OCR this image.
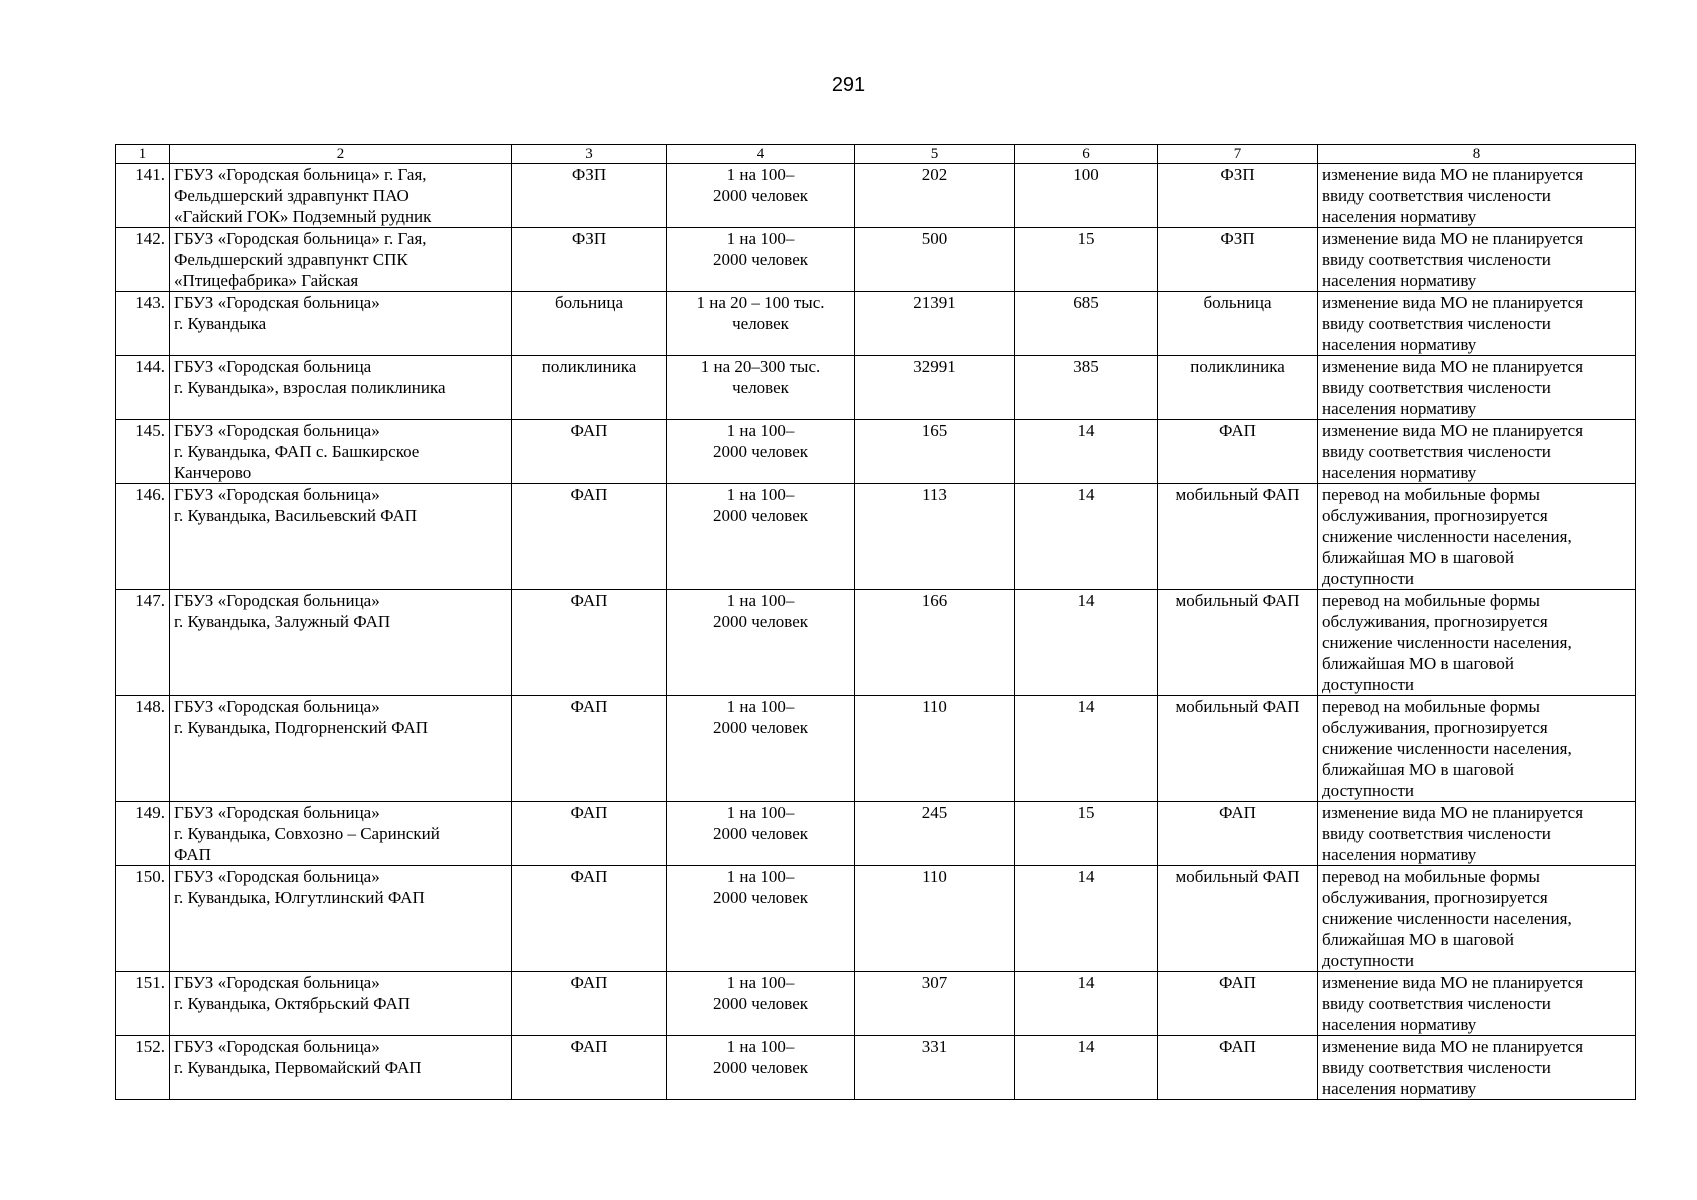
291
1	2	3	4	5	6	7	8
141.	ГБУЗ «Городская больница» г. Гая,
Фельдшерский здравпункт ПАО
«Гайский ГОК» Подземный рудник	ФЗП	1 на 100–
2000 человек	202	100	ФЗП	изменение вида МО не планируется
ввиду соответствия числености
населения нормативу

142.	ГБУЗ «Городская больница» г. Гая,
Фельдшерский здравпункт СПК
«Птицефабрика» Гайская	ФЗП	1 на 100–
2000 человек	500	15	ФЗП	изменение вида МО не планируется
ввиду соответствия числености
населения нормативу

143.	ГБУЗ «Городская больница»
г. Кувандыка	больница	1 на 20 – 100 тыс.
человек	21391	685	больница	изменение вида МО не планируется
ввиду соответствия числености
населения нормативу

144.	ГБУЗ «Городская больница
г. Кувандыка», взрослая поликлиника	поликлиника	1 на 20–300 тыс.
человек	32991	385	поликлиника	изменение вида МО не планируется
ввиду соответствия числености
населения нормативу

145.	ГБУЗ «Городская больница»
г. Кувандыка, ФАП с. Башкирское
Канчерово	ФАП	1 на 100–
2000 человек	165	14	ФАП	изменение вида МО не планируется
ввиду соответствия числености
населения нормативу

146.	ГБУЗ «Городская больница»
г. Кувандыка, Васильевский ФАП	ФАП	1 на 100–
2000 человек	113	14	мобильный ФАП	перевод на мобильные формы
обслуживания, прогнозируется
снижение численности населения,
ближайшая МО в шаговой
доступности

147.	ГБУЗ «Городская больница»
г. Кувандыка, Залужный ФАП	ФАП	1 на 100–
2000 человек	166	14	мобильный ФАП	перевод на мобильные формы
обслуживания, прогнозируется
снижение численности населения,
ближайшая МО в шаговой
доступности

148.	ГБУЗ «Городская больница»
г. Кувандыка, Подгорненский ФАП	ФАП	1 на 100–
2000 человек	110	14	мобильный ФАП	перевод на мобильные формы
обслуживания, прогнозируется
снижение численности населения,
ближайшая МО в шаговой
доступности

149.	ГБУЗ «Городская больница»
г. Кувандыка, Совхозно – Саринский
ФАП	ФАП	1 на 100–
2000 человек	245	15	ФАП	изменение вида МО не планируется
ввиду соответствия числености
населения нормативу

150.	ГБУЗ «Городская больница»
г. Кувандыка, Юлгутлинский ФАП	ФАП	1 на 100–
2000 человек	110	14	мобильный ФАП	перевод на мобильные формы
обслуживания, прогнозируется
снижение численности населения,
ближайшая МО в шаговой
доступности

151.	ГБУЗ «Городская больница»
г. Кувандыка, Октябрьский ФАП	ФАП	1 на 100–
2000 человек	307	14	ФАП	изменение вида МО не планируется
ввиду соответствия числености
населения нормативу

152.	ГБУЗ «Городская больница»
г. Кувандыка, Первомайский ФАП	ФАП	1 на 100–
2000 человек	331	14	ФАП	изменение вида МО не планируется
ввиду соответствия числености
населения нормативу
